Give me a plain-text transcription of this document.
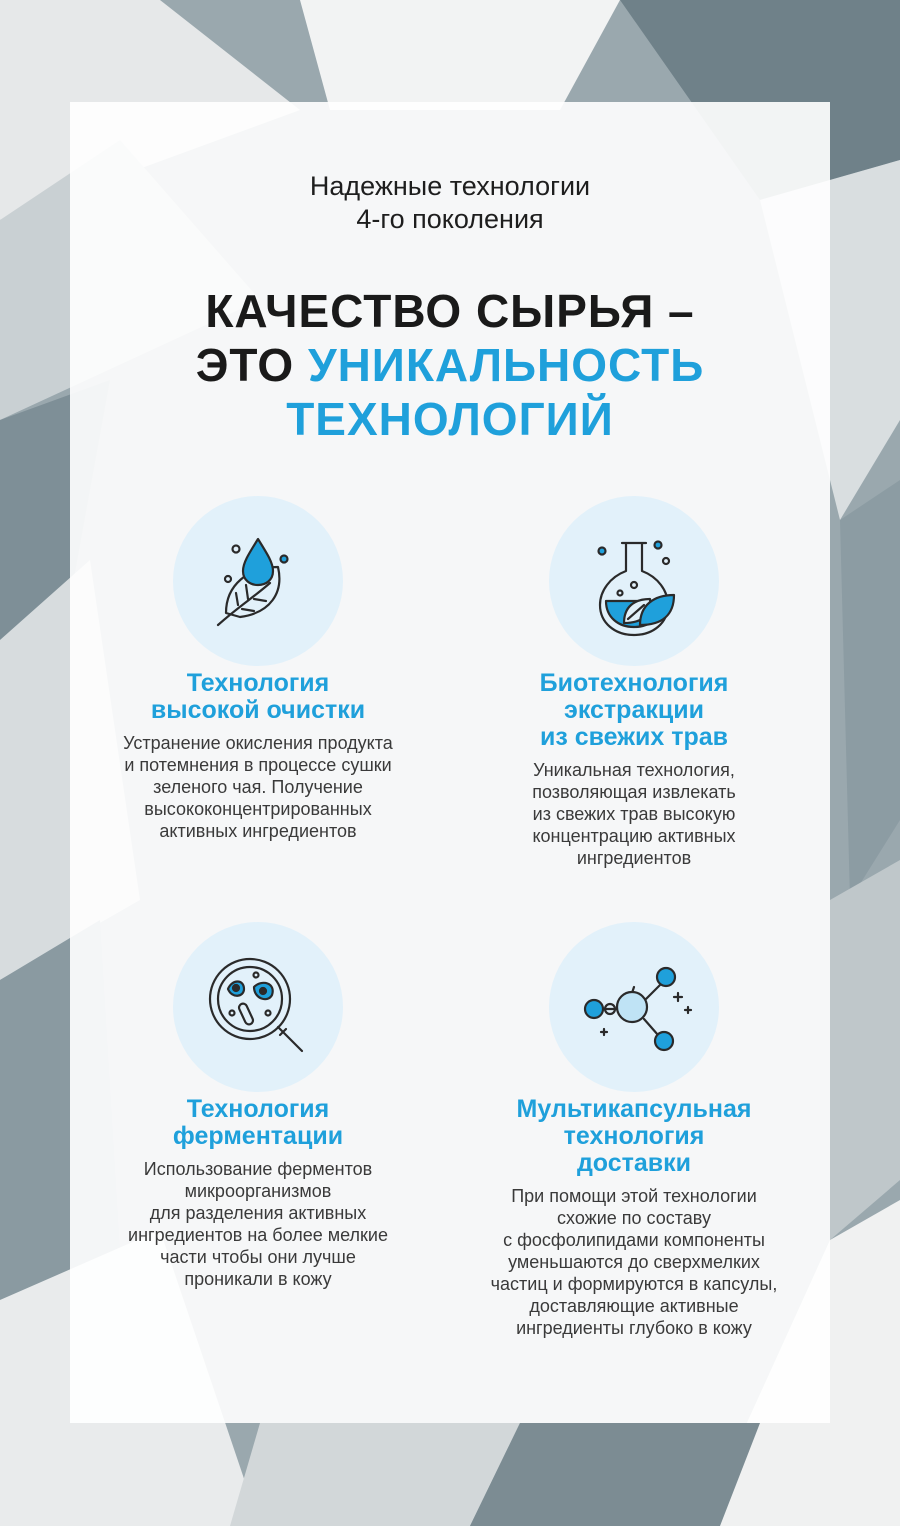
Надежные технологии
4-го поколения
КАЧЕСТВО СЫРЬЯ –
ЭТО УНИКАЛЬНОСТЬ
ТЕХНОЛОГИЙ
Технология
высокой очистки
Устранение окисления продукта
и потемнения в процессе сушки
зеленого чая. Получение
высококонцентрированных
активных ингредиентов
Биотехнология
экстракции
из свежих трав
Уникальная технология,
позволяющая извлекать
из свежих трав высокую
концентрацию активных
ингредиентов
Технология
ферментации
Использование ферментов
микроорганизмов
для разделения активных
ингредиентов на более мелкие
части чтобы они лучше
проникали в кожу
Мультикапсульная
технология
доставки
При помощи этой технологии
схожие по составу
с фосфолипидами компоненты
уменьшаются до сверхмелких
частиц и формируются в капсулы,
доставляющие активные
ингредиенты глубоко в кожу
